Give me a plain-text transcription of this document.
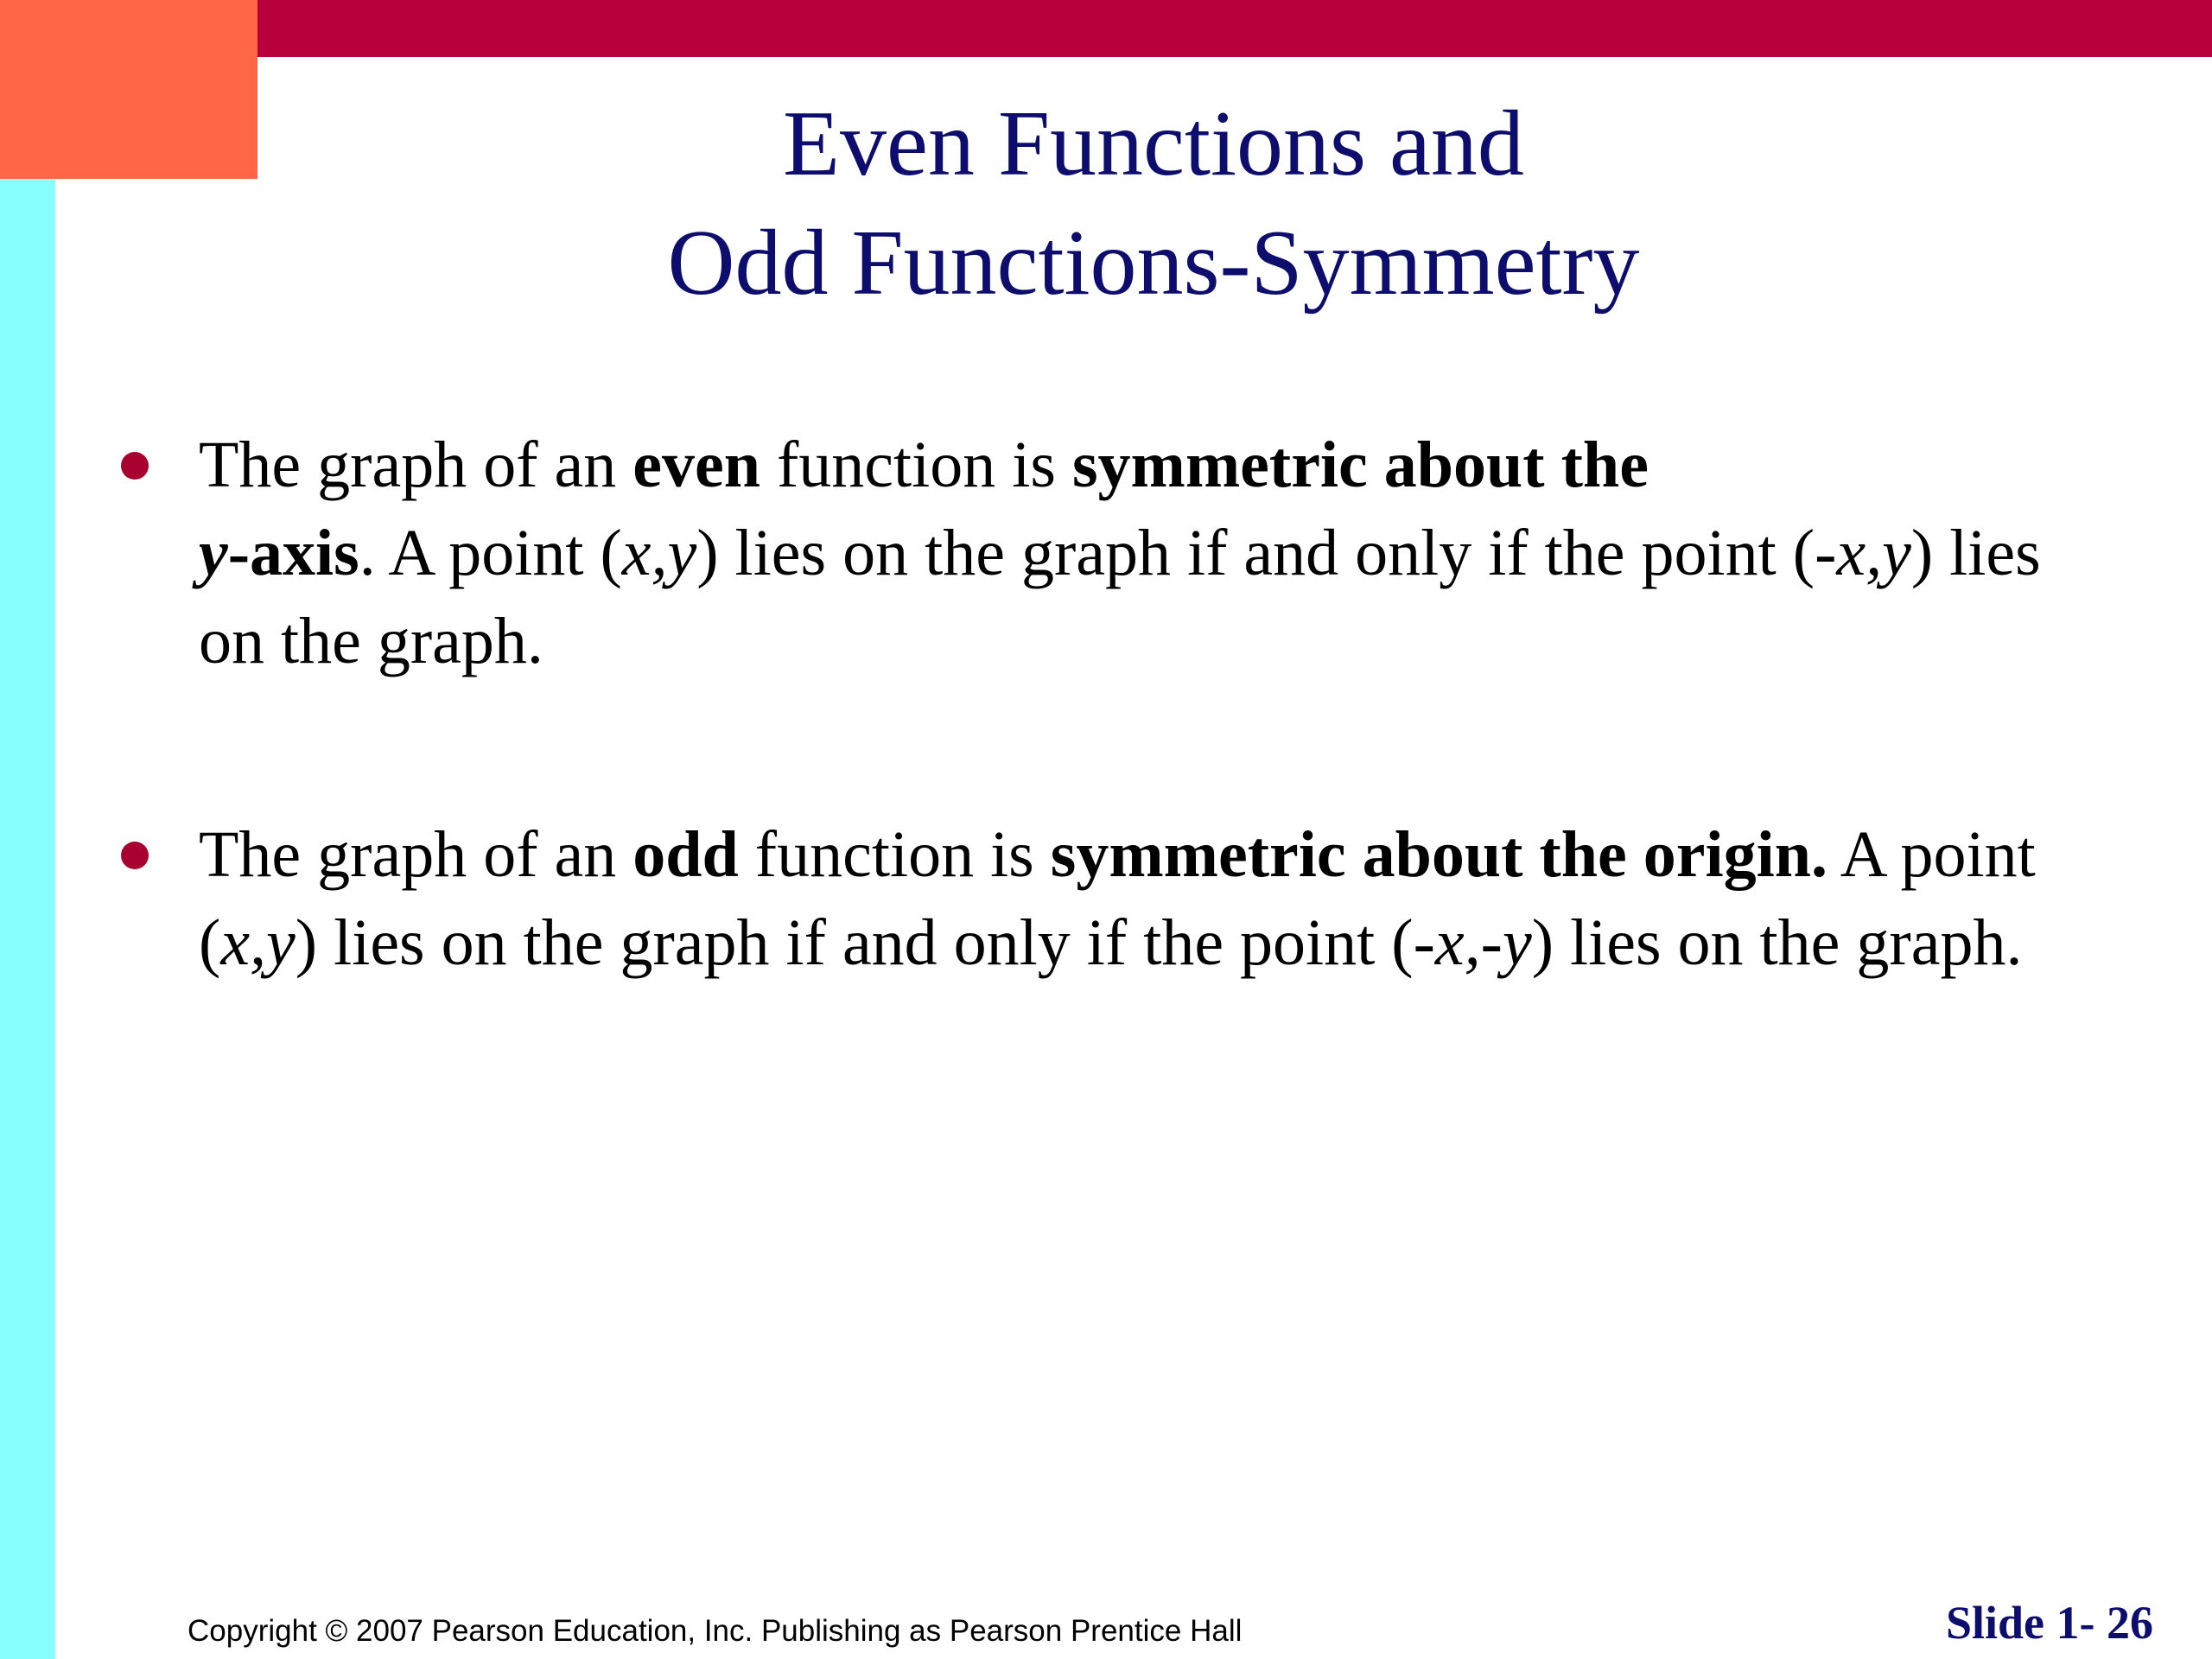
Even Functions and
Odd Functions-Symmetry
The graph of an even function is symmetric about the
y-axis. A point (x,y) lies on the graph if and only if the point (-x,y) lies on the graph.
The graph of an odd function is symmetric about the origin. A point (x,y) lies on the graph if and only if the point (-x,-y) lies on the graph.
Copyright © 2007 Pearson Education, Inc. Publishing as Pearson Prentice Hall	Slide 1- 26
